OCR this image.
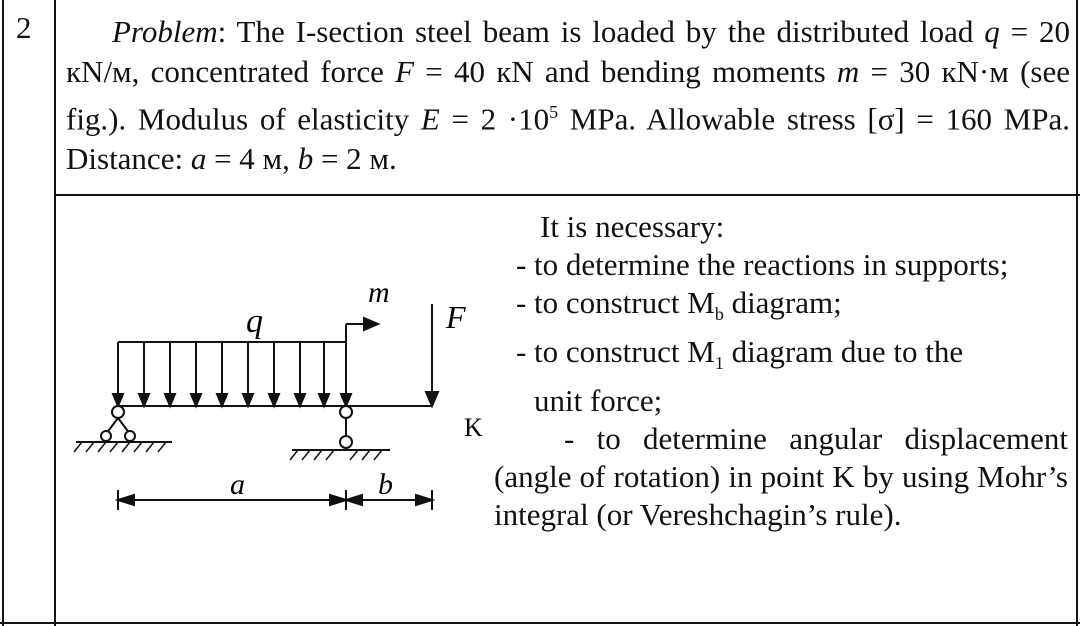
2	Problem: The I-section steel beam is loaded by the distributed load q = 20 кN/м, concentrated force F = 40 кN and bending moments m = 30 кN·м (see fig.). Modulus of elasticity $E = 2 \cdot 10^5$ MPa. Allowable stress [σ] = 160 MPa. Distance: a = 4 м, b = 2 м.
It is necessary:
- to determine the reactions in supports;
- to construct $M_b$ diagram;
- to construct $M_1$ diagram due to the
unit force;
- to determine angular displacement (angle of rotation) in point K by using Mohr’s integral (or Vereshchagin’s rule).
q
m
F
K
a	b
